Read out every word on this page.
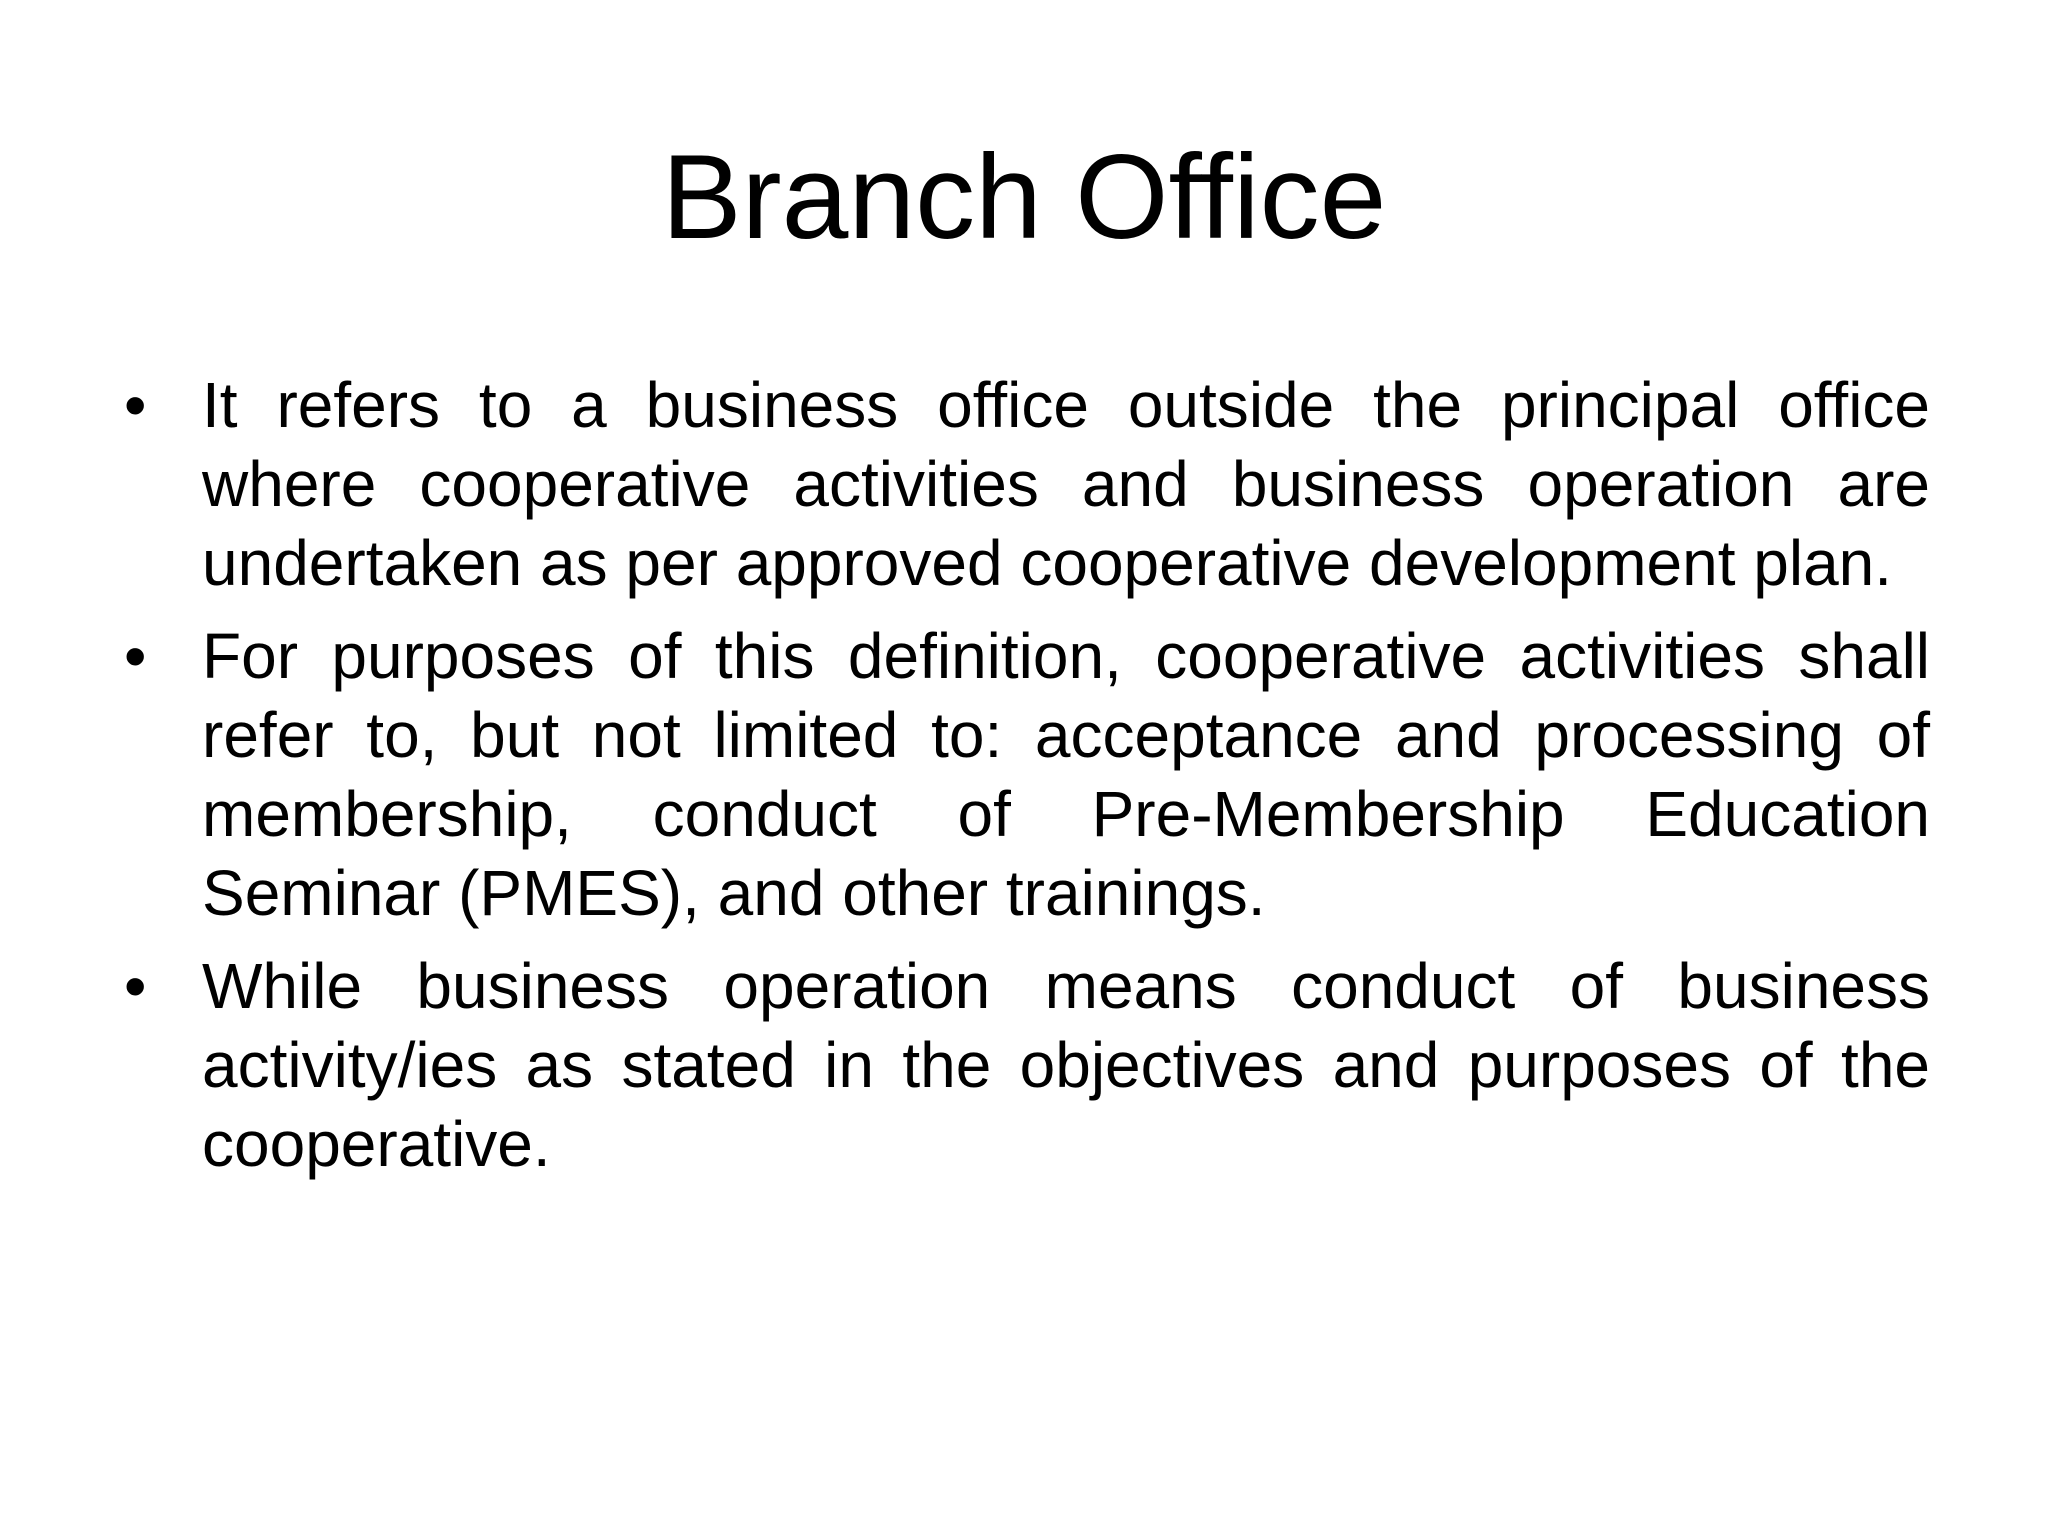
Branch Office
• It refers to a business office outside the principal office where cooperative activities and business operation are undertaken as per approved cooperative development plan.
• For purposes of this definition, cooperative activities shall refer to, but not limited to: acceptance and processing of membership, conduct of Pre-Membership Education Seminar (PMES), and other trainings.
• While business operation means conduct of business activity/ies as stated in the objectives and purposes of the cooperative.
